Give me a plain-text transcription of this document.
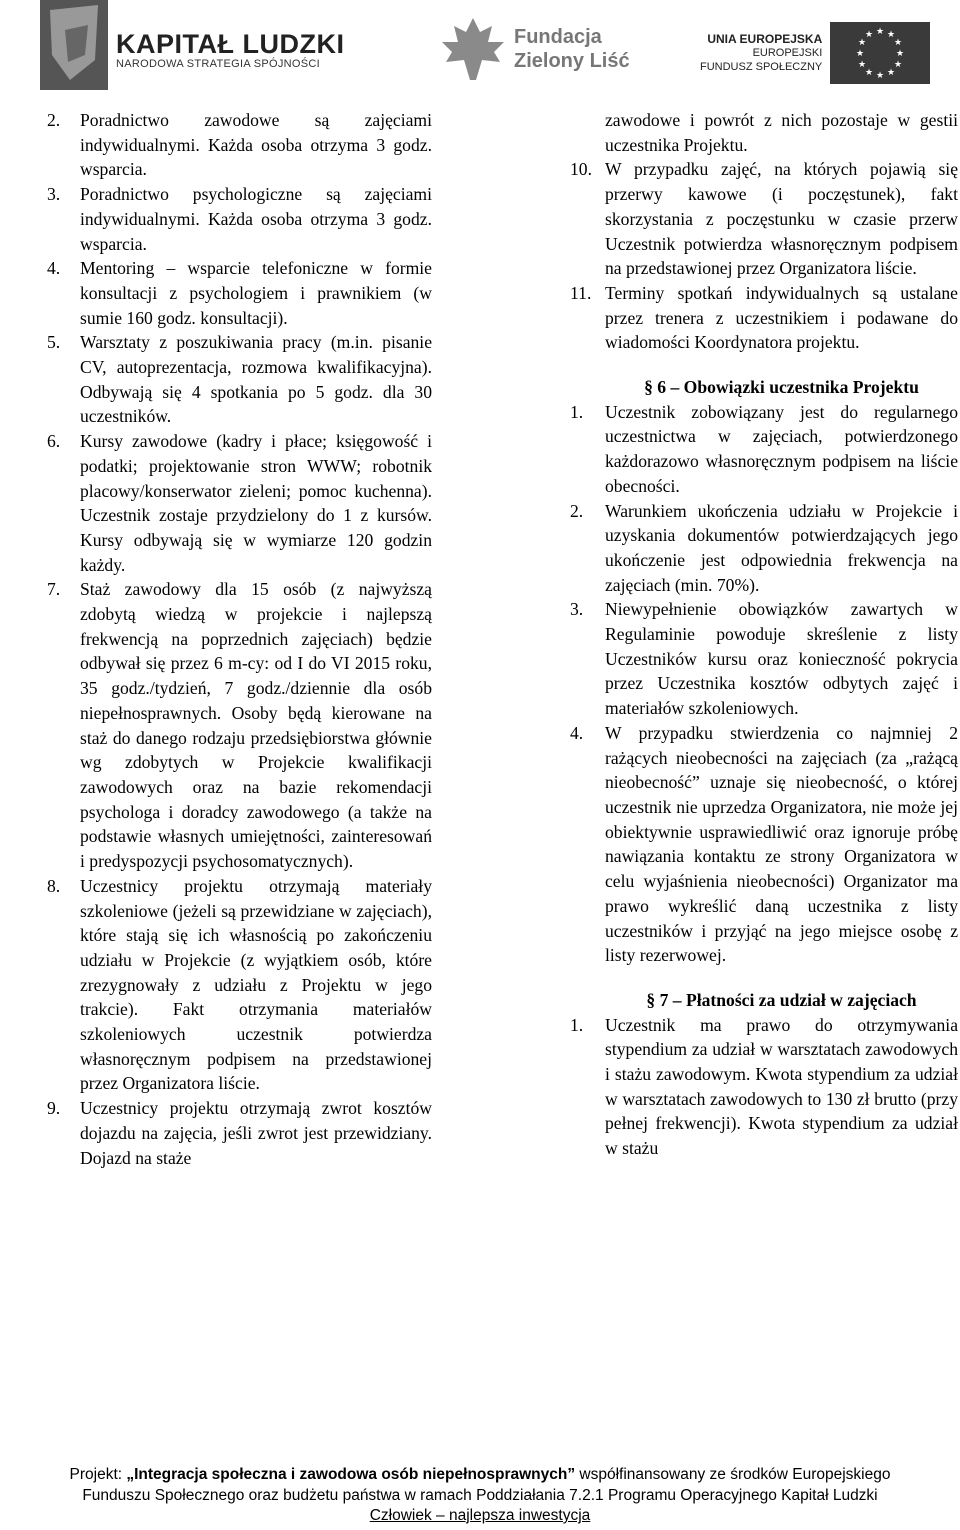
KAPITAŁ LUDZKI
NARODOWA STRATEGIA SPÓJNOŚCI
Fundacja
Zielony Liść
UNIA EUROPEJSKA
EUROPEJSKI
FUNDUSZ SPOŁECZNY
★ ★
★
★
★
★
★
★
★
★
★
★
2.	Poradnictwo zawodowe są zajęciami indywidualnymi. Każda osoba otrzyma 3 godz. wsparcia.
3.	Poradnictwo psychologiczne są zajęciami indywidualnymi. Każda osoba otrzyma 3 godz. wsparcia.
4.	Mentoring – wsparcie telefoniczne w formie konsultacji z psychologiem i prawnikiem (w sumie 160 godz. konsultacji).
5.	Warsztaty z poszukiwania pracy (m.in. pisanie CV, autoprezentacja, rozmowa kwalifikacyjna). Odbywają się 4 spotkania po 5 godz. dla 30 uczestników.
6.	Kursy zawodowe (kadry i płace; księgowość i podatki; projektowanie stron WWW; robotnik placowy/konserwator zieleni; pomoc kuchenna). Uczestnik zostaje przydzielony do 1 z kursów. Kursy odbywają się w wymiarze 120 godzin każdy.
7.	Staż zawodowy dla 15 osób (z najwyższą zdobytą wiedzą w projekcie i najlepszą frekwencją na poprzednich zajęciach) będzie odbywał się przez 6 m-cy: od I do VI 2015 roku, 35 godz./tydzień, 7 godz./dziennie dla osób niepełnosprawnych. Osoby będą kierowane na staż do danego rodzaju przedsiębiorstwa głównie wg zdobytych w Projekcie kwalifikacji zawodowych oraz na bazie rekomendacji psychologa i doradcy zawodowego (a także na podstawie własnych umiejętności, zainteresowań i predyspozycji psychosomatycznych).
8.	Uczestnicy projektu otrzymają materiały szkoleniowe (jeżeli są przewidziane w zajęciach), które stają się ich własnością po zakończeniu udziału w Projekcie (z wyjątkiem osób, które zrezygnowały z udziału z Projektu w jego trakcie). Fakt otrzymania materiałów szkoleniowych uczestnik potwierdza własnoręcznym podpisem na przedstawionej przez Organizatora liście.
9.	Uczestnicy projektu otrzymają zwrot kosztów dojazdu na zajęcia, jeśli zwrot jest przewidziany. Dojazd na staże
zawodowe i powrót z nich pozostaje w gestii uczestnika Projektu.
10. W przypadku zajęć, na których pojawią się przerwy kawowe (i poczęstunek), fakt skorzystania z poczęstunku w czasie przerw Uczestnik potwierdza własnoręcznym podpisem na przedstawionej przez Organizatora liście.
11. Terminy spotkań indywidualnych są ustalane przez trenera z uczestnikiem i podawane do wiadomości Koordynatora projektu.
§ 6 – Obowiązki uczestnika Projektu
1.	Uczestnik zobowiązany jest do regularnego uczestnictwa w zajęciach, potwierdzonego każdorazowo własnoręcznym podpisem na liście obecności.
2.	Warunkiem ukończenia udziału w Projekcie i uzyskania dokumentów potwierdzających jego ukończenie jest odpowiednia frekwencja na zajęciach (min. 70%).
3.	Niewypełnienie obowiązków zawartych w Regulaminie powoduje skreślenie z listy Uczestników kursu oraz konieczność pokrycia przez Uczestnika kosztów odbytych zajęć i materiałów szkoleniowych.
4.	W przypadku stwierdzenia co najmniej 2 rażących nieobecności na zajęciach (za „rażącą nieobecność” uznaje się nieobecność, o której uczestnik nie uprzedza Organizatora, nie może jej obiektywnie usprawiedliwić oraz ignoruje próbę nawiązania kontaktu ze strony Organizatora w celu wyjaśnienia nieobecności) Organizator ma prawo wykreślić daną uczestnika z listy uczestników i przyjąć na jego miejsce osobę z listy rezerwowej.
§ 7 – Płatności za udział w zajęciach
1.	Uczestnik ma prawo do otrzymywania stypendium za udział w warsztatach zawodowych i stażu zawodowym. Kwota stypendium za udział w warsztatach zawodowych to 130 zł brutto (przy pełnej frekwencji). Kwota stypendium za udział w stażu
Projekt: „Integracja społeczna i zawodowa osób niepełnosprawnych” współfinansowany ze środków Europejskiego
Funduszu Społecznego oraz budżetu państwa w ramach Poddziałania 7.2.1 Programu Operacyjnego Kapitał Ludzki
Człowiek – najlepsza inwestycja
